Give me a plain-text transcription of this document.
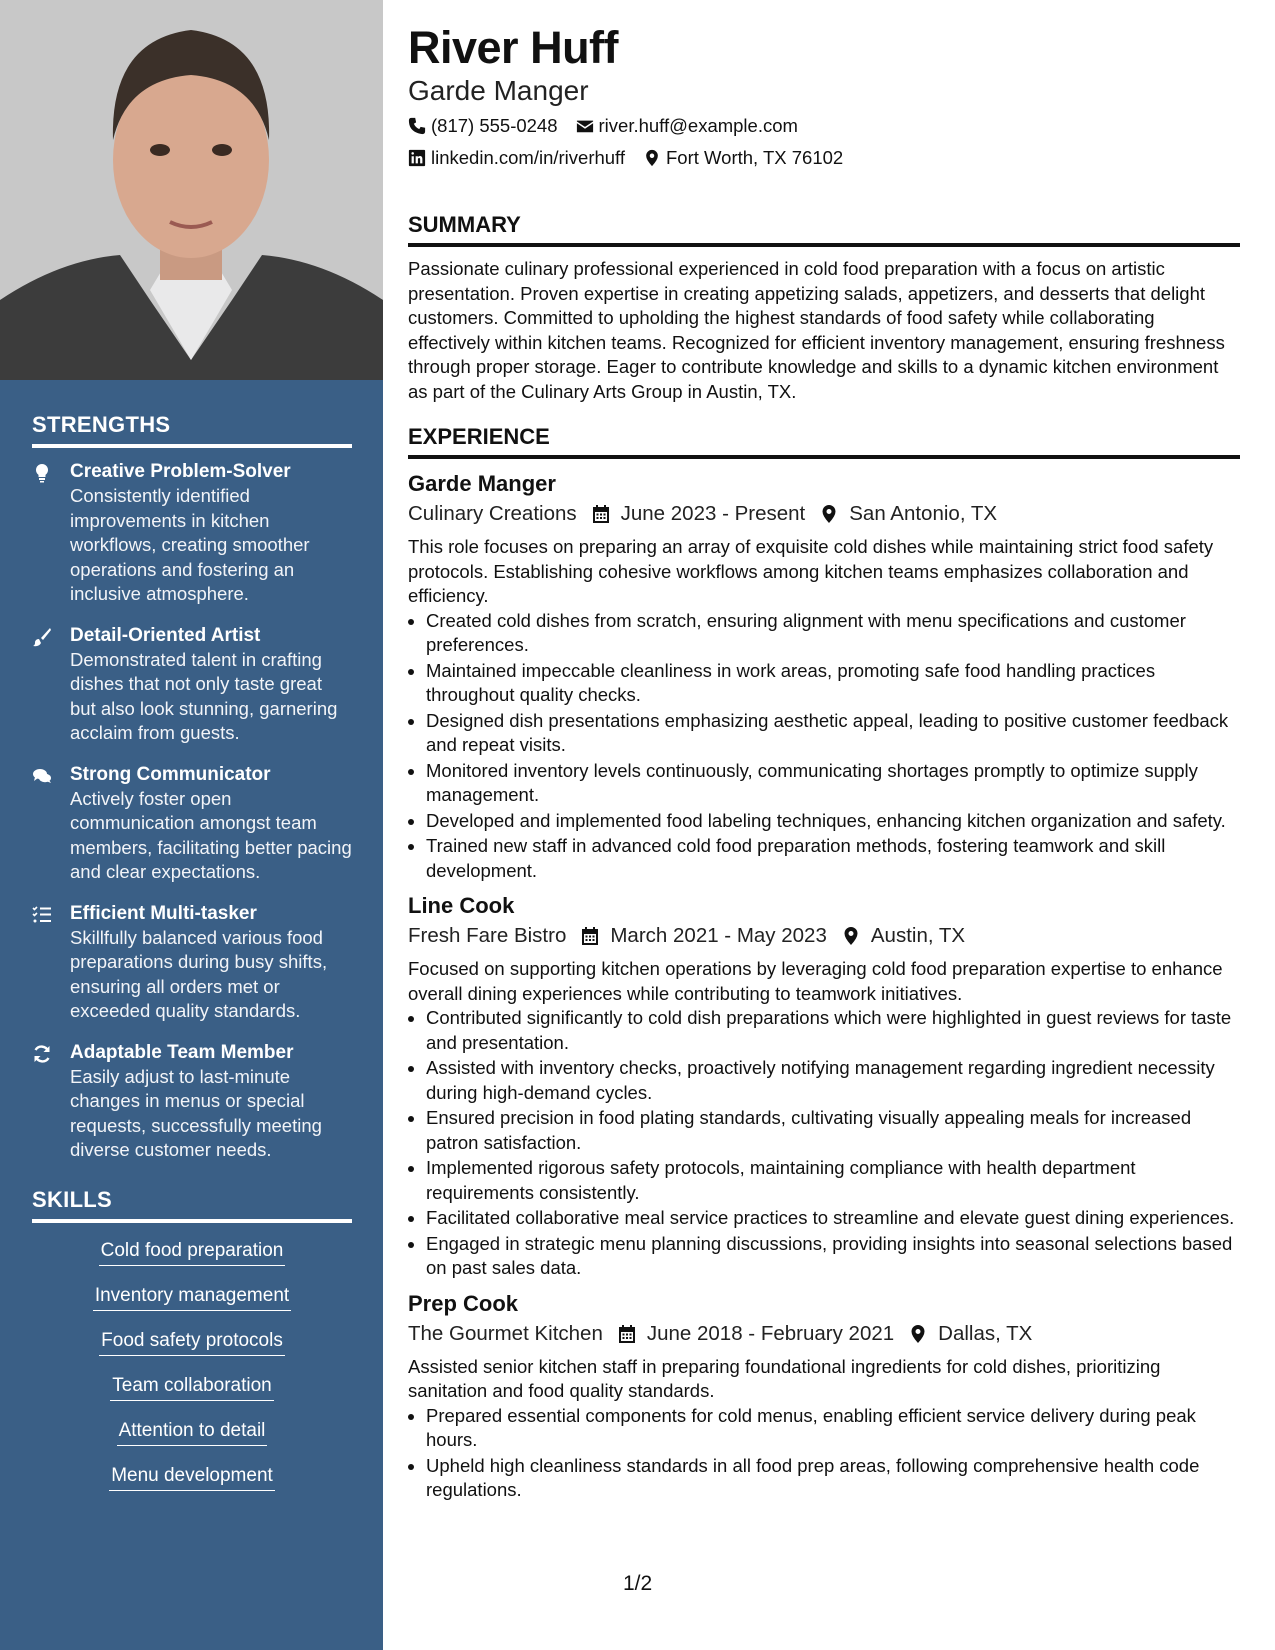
STRENGTHS
Creative Problem-Solver
Consistently identified improvements in kitchen workflows, creating smoother operations and fostering an inclusive atmosphere.
Detail-Oriented Artist
Demonstrated talent in crafting dishes that not only taste great but also look stunning, garnering acclaim from guests.
Strong Communicator
Actively foster open communication amongst team members, facilitating better pacing and clear expectations.
Efficient Multi-tasker
Skillfully balanced various food preparations during busy shifts, ensuring all orders met or exceeded quality standards.
Adaptable Team Member
Easily adjust to last-minute changes in menus or special requests, successfully meeting diverse customer needs.
SKILLS
Cold food preparation
Inventory management
Food safety protocols
Team collaboration
Attention to detail
Menu development
River Huff
Garde Manger
(817) 555-0248 river.huff@example.com
linkedin.com/in/riverhuff Fort Worth, TX 76102
SUMMARY
Passionate culinary professional experienced in cold food preparation with a focus on artistic presentation. Proven expertise in creating appetizing salads, appetizers, and desserts that delight customers. Committed to upholding the highest standards of food safety while collaborating effectively within kitchen teams. Recognized for efficient inventory management, ensuring freshness through proper storage. Eager to contribute knowledge and skills to a dynamic kitchen environment as part of the Culinary Arts Group in Austin, TX.
EXPERIENCE
Garde Manger
Culinary Creations June 2023 - Present San Antonio, TX
This role focuses on preparing an array of exquisite cold dishes while maintaining strict food safety protocols. Establishing cohesive workflows among kitchen teams emphasizes collaboration and efficiency.
• Created cold dishes from scratch, ensuring alignment with menu specifications and customer preferences.
• Maintained impeccable cleanliness in work areas, promoting safe food handling practices throughout quality checks.
• Designed dish presentations emphasizing aesthetic appeal, leading to positive customer feedback and repeat visits.
• Monitored inventory levels continuously, communicating shortages promptly to optimize supply management.
• Developed and implemented food labeling techniques, enhancing kitchen organization and safety.
• Trained new staff in advanced cold food preparation methods, fostering teamwork and skill development.
Line Cook
Fresh Fare Bistro March 2021 - May 2023 Austin, TX
Focused on supporting kitchen operations by leveraging cold food preparation expertise to enhance overall dining experiences while contributing to teamwork initiatives.
• Contributed significantly to cold dish preparations which were highlighted in guest reviews for taste and presentation.
• Assisted with inventory checks, proactively notifying management regarding ingredient necessity during high-demand cycles.
• Ensured precision in food plating standards, cultivating visually appealing meals for increased patron satisfaction.
• Implemented rigorous safety protocols, maintaining compliance with health department requirements consistently.
• Facilitated collaborative meal service practices to streamline and elevate guest dining experiences.
• Engaged in strategic menu planning discussions, providing insights into seasonal selections based on past sales data.
Prep Cook
The Gourmet Kitchen June 2018 - February 2021 Dallas, TX
Assisted senior kitchen staff in preparing foundational ingredients for cold dishes, prioritizing sanitation and food quality standards.
• Prepared essential components for cold menus, enabling efficient service delivery during peak hours.
• Upheld high cleanliness standards in all food prep areas, following comprehensive health code regulations.
1/2
